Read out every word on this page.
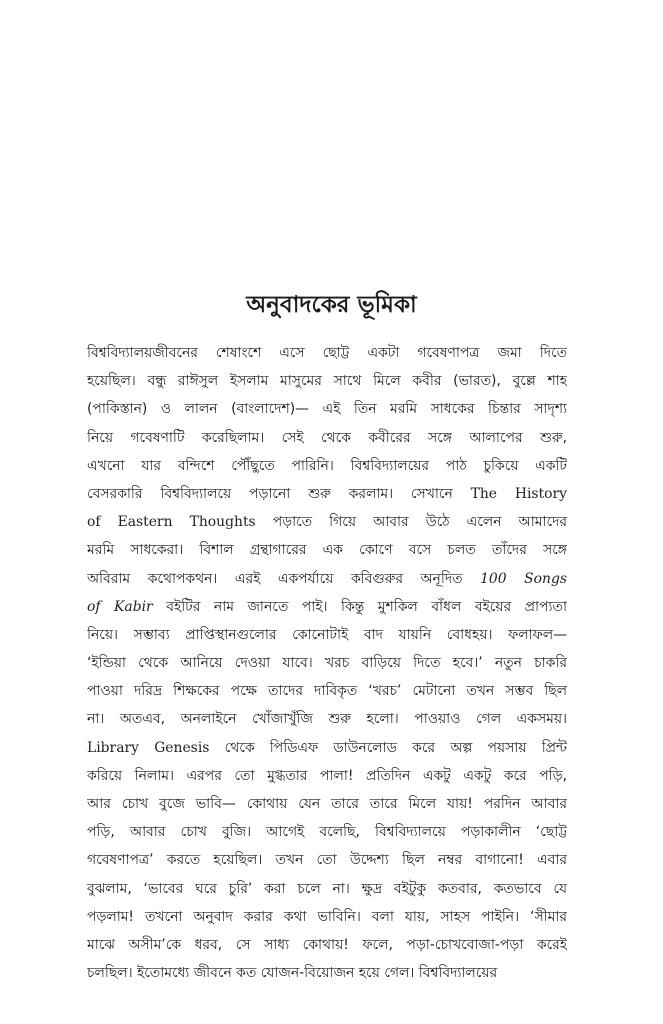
অনুবাদকের ভূমিকা
বিশ্ববিদ্যালয়জীবনের শেষাংশে এসে ছোট্ট একটা গবেষণাপত্র জমা দিতে
হয়েছিল। বন্ধু রাঈসুল ইসলাম মাসুমের সাথে মিলে কবীর (ভারত), বুল্লে শাহ
(পাকিস্তান) ও লালন (বাংলাদেশ)— এই তিন মরমি সাধকের চিন্তার সাদৃশ্য
নিয়ে গবেষণাটি করেছিলাম। সেই থেকে কবীরের সঙ্গে আলাপের শুরু,
এখনো যার বন্দিশে পৌঁছুতে পারিনি। বিশ্ববিদ্যালয়ের পাঠ চুকিয়ে একটি
বেসরকারি বিশ্ববিদ্যালয়ে পড়ানো শুরু করলাম। সেখানে The History
of Eastern Thoughts পড়াতে গিয়ে আবার উঠে এলেন আমাদের
মরমি সাধকেরা। বিশাল গ্রন্থাগারের এক কোণে বসে চলত তাঁদের সঙ্গে
অবিরাম কথোপকথন। এরই একপর্যায়ে কবিগুরুর অনূদিত 100 Songs
of Kabir বইটির নাম জানতে পাই। কিন্তু মুশকিল বাঁধল বইয়ের প্রাপ্যতা
নিয়ে। সম্ভাব্য প্রাপ্তিস্থানগুলোর কোনোটাই বাদ যায়নি বোধহয়। ফলাফল—
‘ইন্ডিয়া থেকে আনিয়ে দেওয়া যাবে। খরচ বাড়িয়ে দিতে হবে।’ নতুন চাকরি
পাওয়া দরিদ্র শিক্ষকের পক্ষে তাদের দাবিকৃত ‘খরচ’ মেটানো তখন সম্ভব ছিল
না। অতএব, অনলাইনে খোঁজাখুঁজি শুরু হলো। পাওয়াও গেল একসময়।
Library Genesis থেকে পিডিএফ ডাউনলোড করে অল্প পয়সায় প্রিন্ট
করিয়ে নিলাম। এরপর তো মুগ্ধতার পালা! প্রতিদিন একটু একটু করে পড়ি,
আর চোখ বুজে ভাবি— কোথায় যেন তারে তারে মিলে যায়! পরদিন আবার
পড়ি, আবার চোখ বুজি। আগেই বলেছি, বিশ্ববিদ্যালয়ে পড়াকালীন ‘ছোট্ট
গবেষণাপত্র’ করতে হয়েছিল। তখন তো উদ্দেশ্য ছিল নম্বর বাগানো! এবার
বুঝলাম, ‘ভাবের ঘরে চুরি’ করা চলে না। ক্ষুদ্র বইটুকু কতবার, কতভাবে যে
পড়লাম! তখনো অনুবাদ করার কথা ভাবিনি। বলা যায়, সাহস পাইনি। ‘সীমার
মাঝে অসীম’কে ধরব, সে সাধ্য কোথায়! ফলে, পড়া-চোখবোজা-পড়া করেই
চলছিল। ইতোমধ্যে জীবনে কত যোজন-বিয়োজন হয়ে গেল। বিশ্ববিদ্যালয়ের
